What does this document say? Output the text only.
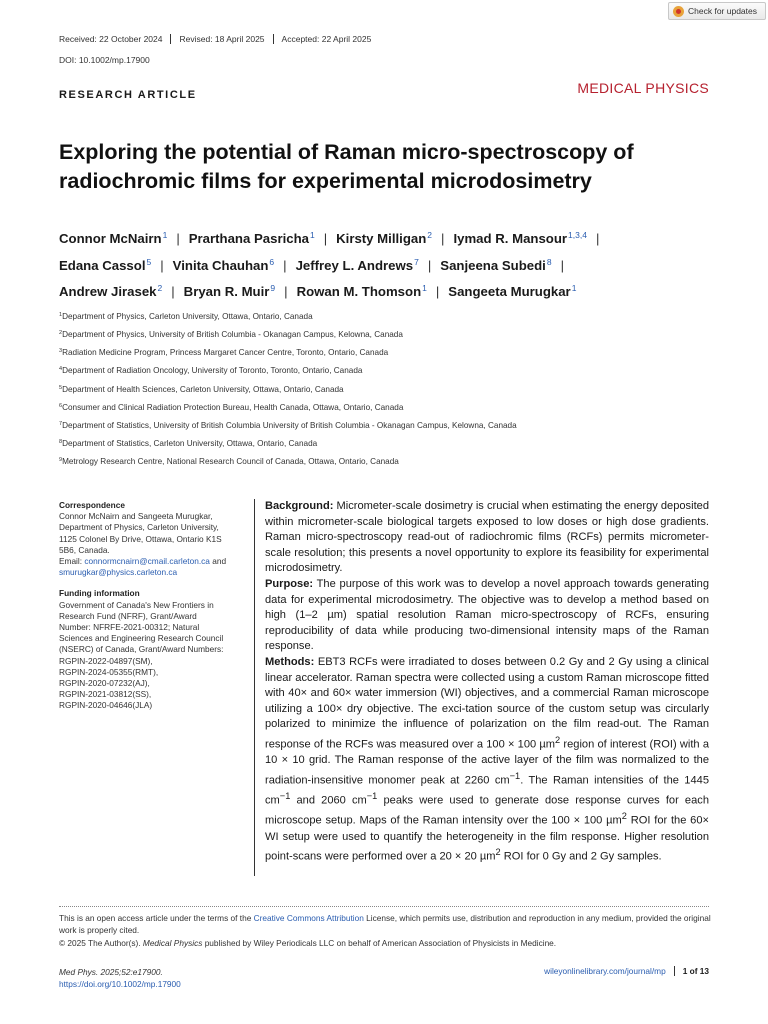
Check for updates
Received: 22 October 2024	Revised: 18 April 2025	Accepted: 22 April 2025
DOI: 10.1002/mp.17900
RESEARCH ARTICLE	MEDICAL PHYSICS
Exploring the potential of Raman micro-spectroscopy of
radiochromic films for experimental microdosimetry
Connor McNairn$^1$ | Prarthana Pasricha$^1$ | Kirsty Milligan$^2$ | Iymad R. Mansour$^{1,3,4}$ |
Edana Cassol$^5$ | Vinita Chauhan$^6$ | Jeffrey L. Andrews$^7$ | Sanjeena Subedi$^8$ |
Andrew Jirasek$^2$ | Bryan R. Muir$^9$ | Rowan M. Thomson$^1$ | Sangeeta Murugkar$^1$
$^1$Department of Physics, Carleton University, Ottawa, Ontario, Canada
$^2$Department of Physics, University of British Columbia - Okanagan Campus, Kelowna, Canada
$^3$Radiation Medicine Program, Princess Margaret Cancer Centre, Toronto, Ontario, Canada
$^4$Department of Radiation Oncology, University of Toronto, Toronto, Ontario, Canada
$^5$Department of Health Sciences, Carleton University, Ottawa, Ontario, Canada
$^6$Consumer and Clinical Radiation Protection Bureau, Health Canada, Ottawa, Ontario, Canada
$^7$Department of Statistics, University of British Columbia University of British Columbia - Okanagan Campus, Kelowna, Canada
$^8$Department of Statistics, Carleton University, Ottawa, Ontario, Canada
$^9$Metrology Research Centre, National Research Council of Canada, Ottawa, Ontario, Canada
Correspondence
Connor McNairn and Sangeeta Murugkar,
Department of Physics, Carleton University,
1125 Colonel By Drive, Ottawa, Ontario K1S
5B6, Canada.
Email: connormcnairn@cmail.carleton.ca and
smurugkar@physics.carleton.ca
Funding information
Government of Canada's New Frontiers in
Research Fund (NFRF), Grant/Award
Number: NFRFE-2021-00312; Natural
Sciences and Engineering Research Council
(NSERC) of Canada, Grant/Award Numbers:
RGPIN-2022-04897(SM),
RGPIN-2024-05355(RMT),
RGPIN-2020-07232(AJ),
RGPIN-2021-03812(SS),
RGPIN-2020-04646(JLA)

Background: Micrometer-scale dosimetry is crucial when estimating the energy deposited within micrometer-scale biological targets exposed to low doses or high dose gradients. Raman micro-spectroscopy read-out of radiochromic films (RCFs) permits micrometer-scale resolution; this presents a novel opportunity to explore its feasibility for experimental microdosimetry.

Purpose: The purpose of this work was to develop a novel approach towards generating data for experimental microdosimetry. The objective was to develop a method based on high (1–2 µm) spatial resolution Raman micro-spectroscopy of RCFs, ensuring reproducibility of data while producing two-dimensional intensity maps of the Raman response.

Methods: EBT3 RCFs were irradiated to doses between 0.2 Gy and 2 Gy using a clinical linear accelerator. Raman spectra were collected using a custom Raman microscope fitted with 40× and 60× water immersion (WI) objectives, and a commercial Raman microscope utilizing a 100× dry objective. The exci-tation source of the custom setup was circularly polarized to minimize the influence of polarization on the film read-out. The Raman response of the RCFs was measured over a 100 × 100 µm$^2$ region of interest (ROI) with a 10 × 10 grid. The Raman response of the active layer of the film was normalized to the radiation-insensitive monomer peak at 2260 $cm^{-1}$. The Raman intensities of the 1445 $cm^{-1}$ and 2060 $cm^{-1}$ peaks were used to generate dose response curves for each microscope setup. Maps of the Raman intensity over the 100 × 100 µm$^2$ ROI for the 60× WI setup were used to quantify the heterogeneity in the film response. Higher resolution point-scans were performed over a 20 × 20 µm$^2$ ROI for 0 Gy and 2 Gy samples.

This is an open access article under the terms of the Creative Commons Attribution License, which permits use, distribution and reproduction in any medium, provided the original work is properly cited.
© 2025 The Author(s). Medical Physics published by Wiley Periodicals LLC on behalf of American Association of Physicists in Medicine.
Med Phys. 2025;52:e17900.
https://doi.org/10.1002/mp.17900
wileyonlinelibrary.com/journal/mp	1 of 13
